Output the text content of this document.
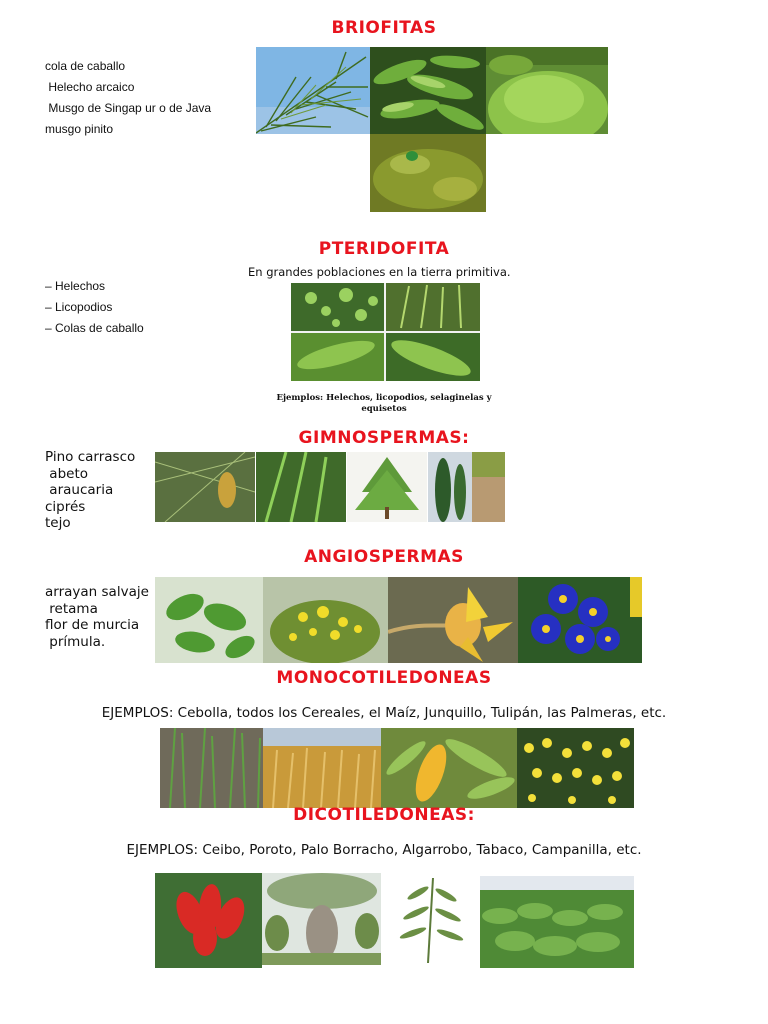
BRIOFITAS
cola de caballo
Helecho arcaico
Musgo de Singap ur o de Java
musgo pinito
PTERIDOFITA
– Helechos
– Licopodios
– Colas de caballo
En grandes poblaciones en la tierra primitiva.
Ejemplos: Helechos, licopodios, selaginelas y
equisetos
GIMNOSPERMAS:
Pino carrasco
abeto
araucaria
ciprés
tejo
ANGIOSPERMAS
arrayan salvaje
retama
flor de murcia
prímula.
MONOCOTILEDONEAS
EJEMPLOS: Cebolla, todos los Cereales, el Maíz, Junquillo, Tulipán, las Palmeras, etc.
DICOTILEDONEAS:
EJEMPLOS: Ceibo, Poroto, Palo Borracho, Algarrobo, Tabaco, Campanilla, etc.
